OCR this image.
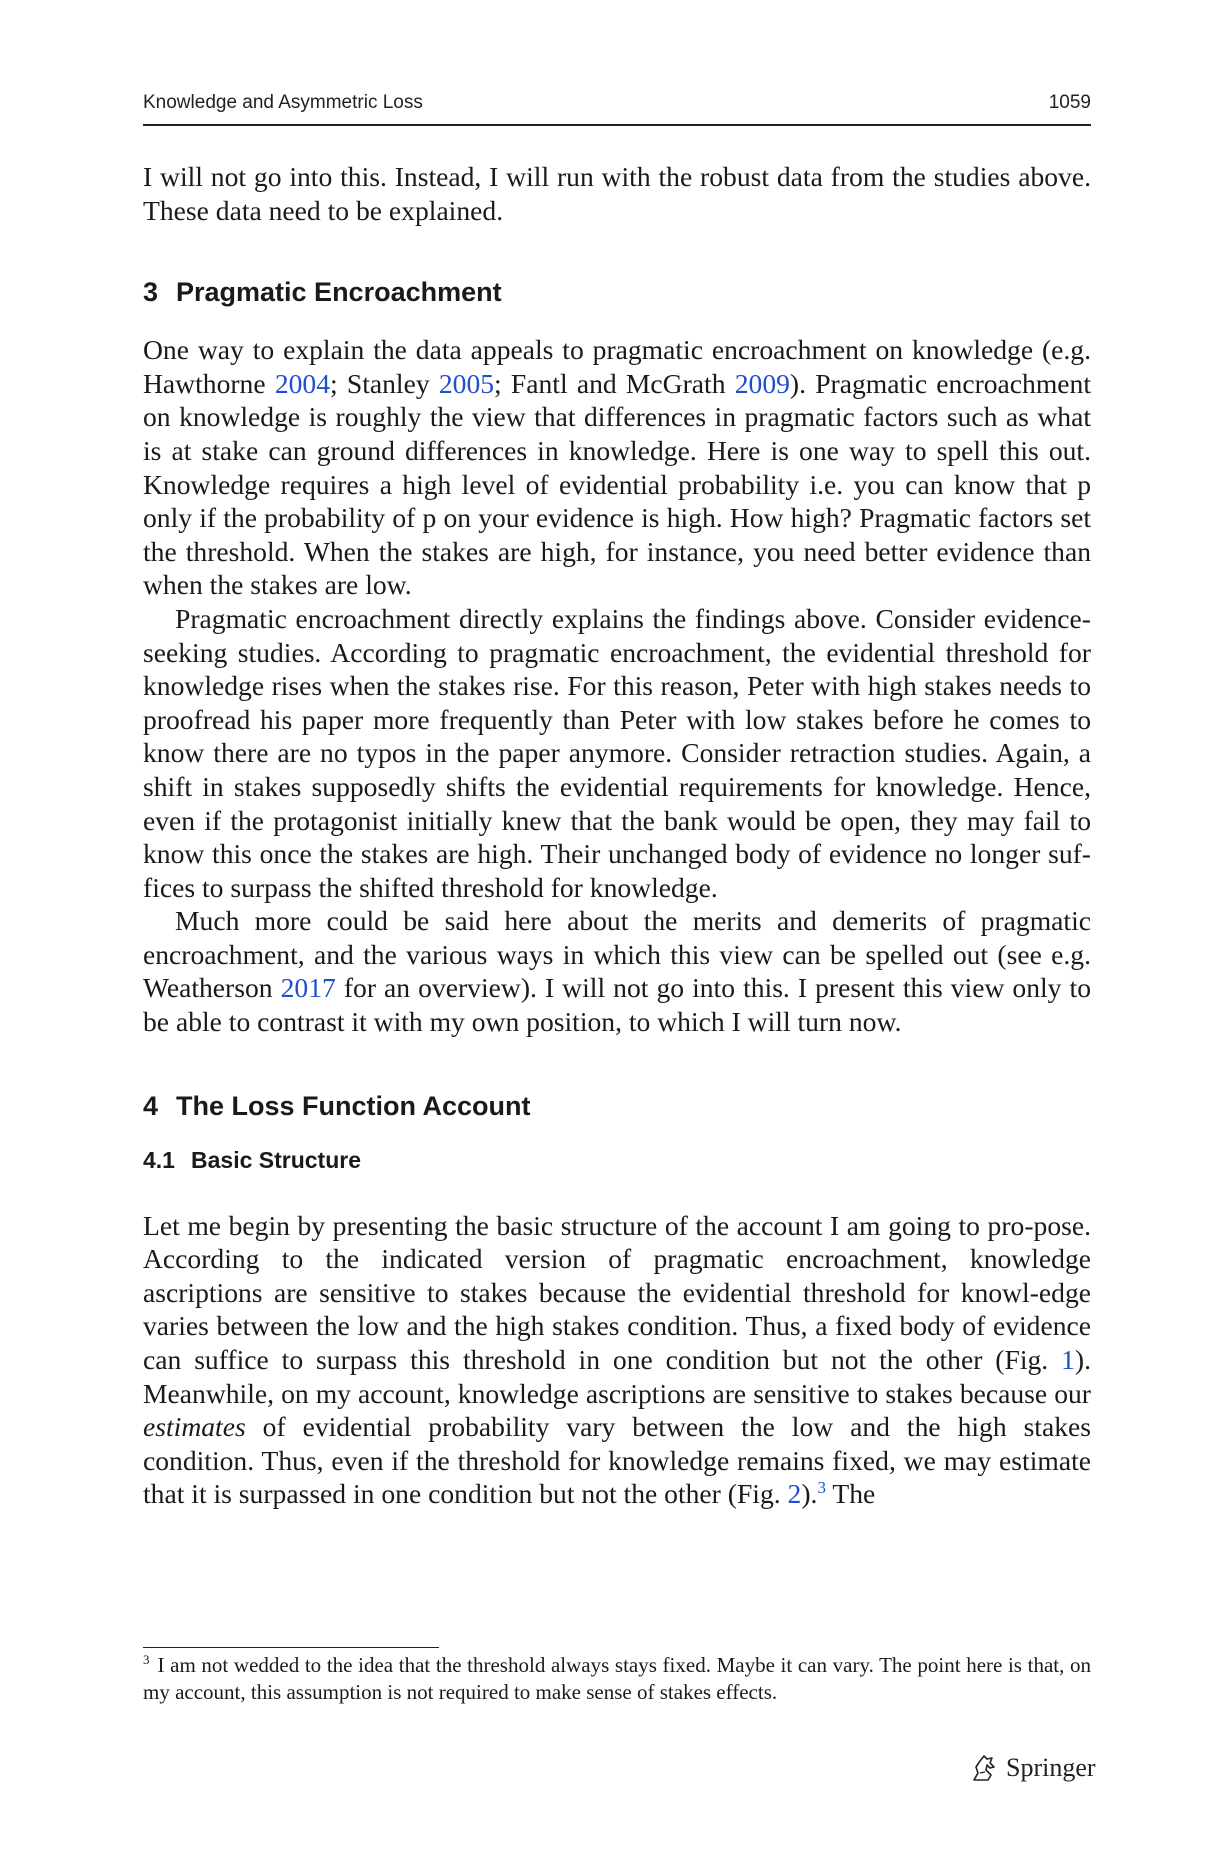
Knowledge and Asymmetric Loss	1059

I will not go into this. Instead, I will run with the robust data from the studies above. These data need to be explained.

3 Pragmatic Encroachment

One way to explain the data appeals to pragmatic encroachment on knowledge (e.g. Hawthorne 2004; Stanley 2005; Fantl and McGrath 2009). Pragmatic encroachment on knowledge is roughly the view that differences in pragmatic factors such as what is at stake can ground differences in knowledge. Here is one way to spell this out. Knowledge requires a high level of evidential probability i.e. you can know that p only if the probability of p on your evidence is high. How high? Pragmatic factors set the threshold. When the stakes are high, for instance, you need better evidence than when the stakes are low.

Pragmatic encroachment directly explains the findings above. Consider evidence-seeking studies. According to pragmatic encroachment, the evidential threshold for knowledge rises when the stakes rise. For this reason, Peter with high stakes needs to proofread his paper more frequently than Peter with low stakes before he comes to know there are no typos in the paper anymore. Consider retraction studies. Again, a shift in stakes supposedly shifts the evidential requirements for knowledge. Hence, even if the protagonist initially knew that the bank would be open, they may fail to know this once the stakes are high. Their unchanged body of evidence no longer suf-fices to surpass the shifted threshold for knowledge.

Much more could be said here about the merits and demerits of pragmatic encroachment, and the various ways in which this view can be spelled out (see e.g. Weatherson 2017 for an overview). I will not go into this. I present this view only to be able to contrast it with my own position, to which I will turn now.

4 The Loss Function Account
4.1 Basic Structure

Let me begin by presenting the basic structure of the account I am going to pro-pose. According to the indicated version of pragmatic encroachment, knowledge ascriptions are sensitive to stakes because the evidential threshold for knowl-edge varies between the low and the high stakes condition. Thus, a fixed body of evidence can suffice to surpass this threshold in one condition but not the other (Fig. 1). Meanwhile, on my account, knowledge ascriptions are sensitive to stakes because our estimates of evidential probability vary between the low and the high stakes condition. Thus, even if the threshold for knowledge remains fixed, we may estimate that it is surpassed in one condition but not the other (Fig. 2).$^3$ The

$^3$ I am not wedded to the idea that the threshold always stays fixed. Maybe it can vary. The point here is that, on my account, this assumption is not required to make sense of stakes effects.
Springer
